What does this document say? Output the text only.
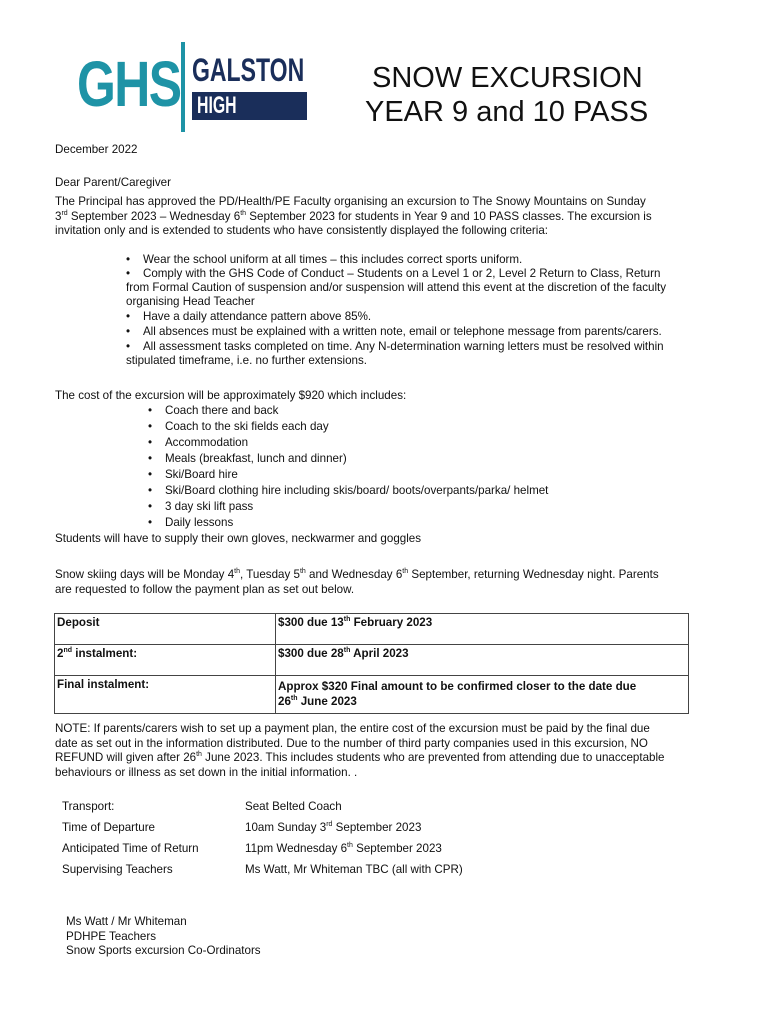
GHS GALSTON
HIGH SCHOOL
SNOW EXCURSION
YEAR 9 and 10 PASS
December 2022
Dear Parent/Caregiver
The Principal has approved the PD/Health/PE Faculty organising an excursion to The Snowy Mountains on Sunday
3rd September 2023 – Wednesday 6th September 2023 for students in Year 9 and 10 PASS classes. The excursion is
invitation only and is extended to students who have consistently displayed the following criteria:
• Wear the school uniform at all times – this includes correct sports uniform.
• Comply with the GHS Code of Conduct – Students on a Level 1 or 2, Level 2 Return to Class, Return
from Formal Caution of suspension and/or suspension will attend this event at the discretion of the faculty
organising Head Teacher
• Have a daily attendance pattern above 85%.
• All absences must be explained with a written note, email or telephone message from parents/carers.
• All assessment tasks completed on time. Any N-determination warning letters must be resolved within
stipulated timeframe, i.e. no further extensions.
The cost of the excursion will be approximately $920 which includes:
• Coach there and back
• Coach to the ski fields each day
• Accommodation
• Meals (breakfast, lunch and dinner)
• Ski/Board hire
• Ski/Board clothing hire including skis/board/ boots/overpants/parka/ helmet
• 3 day ski lift pass
• Daily lessons
Students will have to supply their own gloves, neckwarmer and goggles
Snow skiing days will be Monday 4th, Tuesday 5th and Wednesday 6th September, returning Wednesday night. Parents
are requested to follow the payment plan as set out below.
Deposit	$300 due 13th February 2023
2nd instalment:	$300 due 28th April 2023
Final instalment:	Approx $320 Final amount to be confirmed closer to the date due
26th June 2023
NOTE: If parents/carers wish to set up a payment plan, the entire cost of the excursion must be paid by the final due
date as set out in the information distributed. Due to the number of third party companies used in this excursion, NO
REFUND will given after 26th June 2023. This includes students who are prevented from attending due to unacceptable
behaviours or illness as set down in the initial information. .
Transport:	Seat Belted Coach
Time of Departure	10am Sunday 3rd September 2023
Anticipated Time of Return	11pm Wednesday 6th September 2023
Supervising Teachers	Ms Watt, Mr Whiteman TBC (all with CPR)
Ms Watt / Mr Whiteman
PDHPE Teachers
Snow Sports excursion Co-Ordinators
